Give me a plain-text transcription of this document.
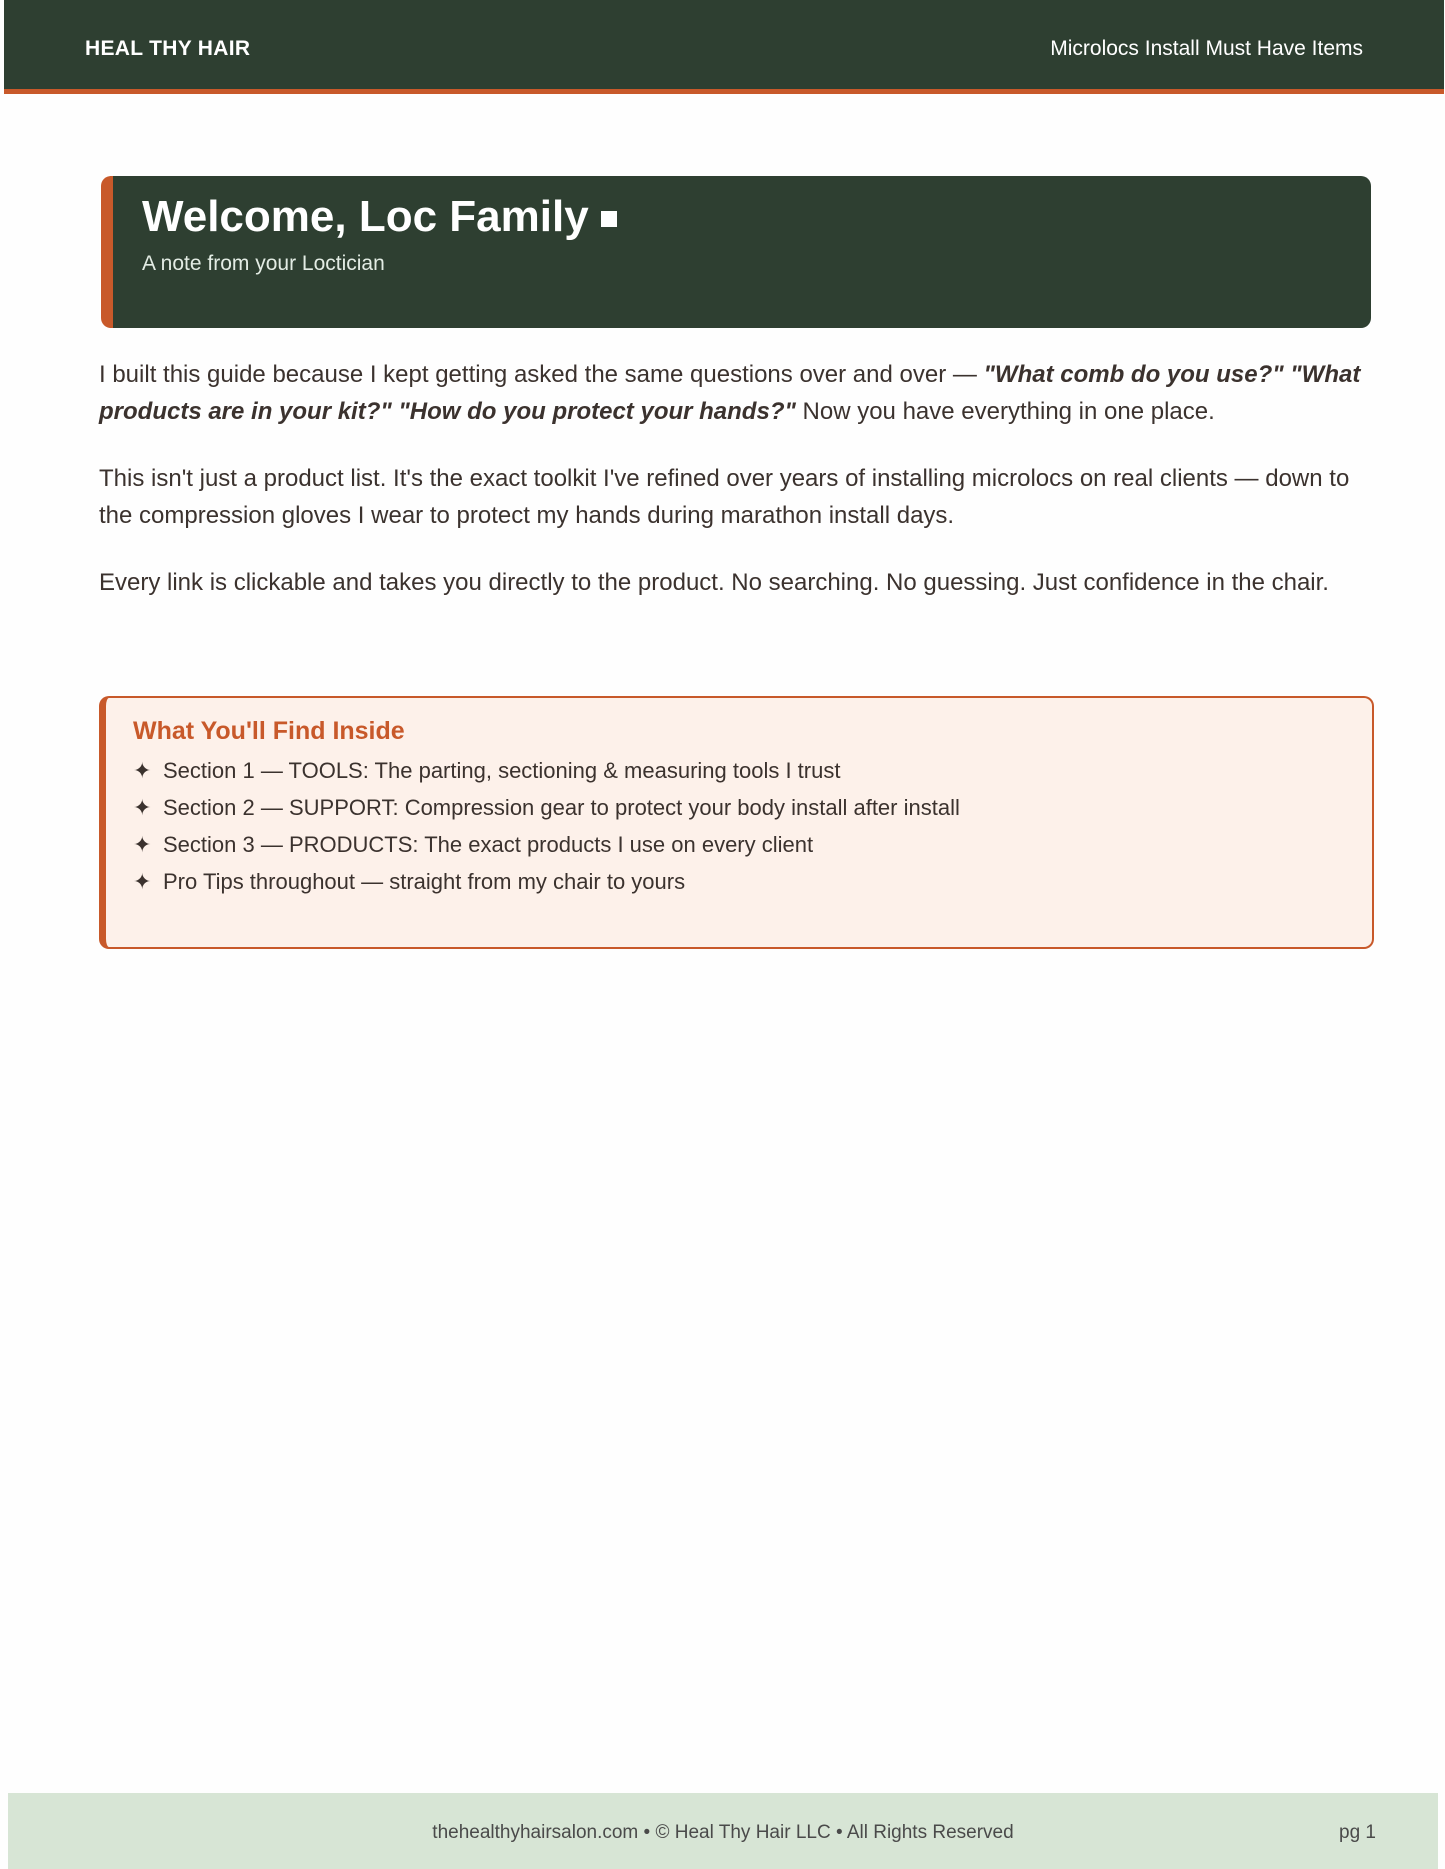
HEAL THY HAIR	Microlocs Install Must Have Items
Welcome, Loc Family
A note from your Loctician

I built this guide because I kept getting asked the same questions over and over — "What comb do you use?" "What products are in your kit?" "How do you protect your hands?" Now you have everything in one place.

This isn't just a product list. It's the exact toolkit I've refined over years of installing microlocs on real clients — down to the compression gloves I wear to protect my hands during marathon install days.

Every link is clickable and takes you directly to the product. No searching. No guessing. Just confidence in the chair.

What You'll Find Inside
✦ Section 1 — TOOLS: The parting, sectioning & measuring tools I trust
✦ Section 2 — SUPPORT: Compression gear to protect your body install after install
✦ Section 3 — PRODUCTS: The exact products I use on every client
✦ Pro Tips throughout — straight from my chair to yours
thehealthyhairsalon.com • © Heal Thy Hair LLC • All Rights Reserved	pg 1
